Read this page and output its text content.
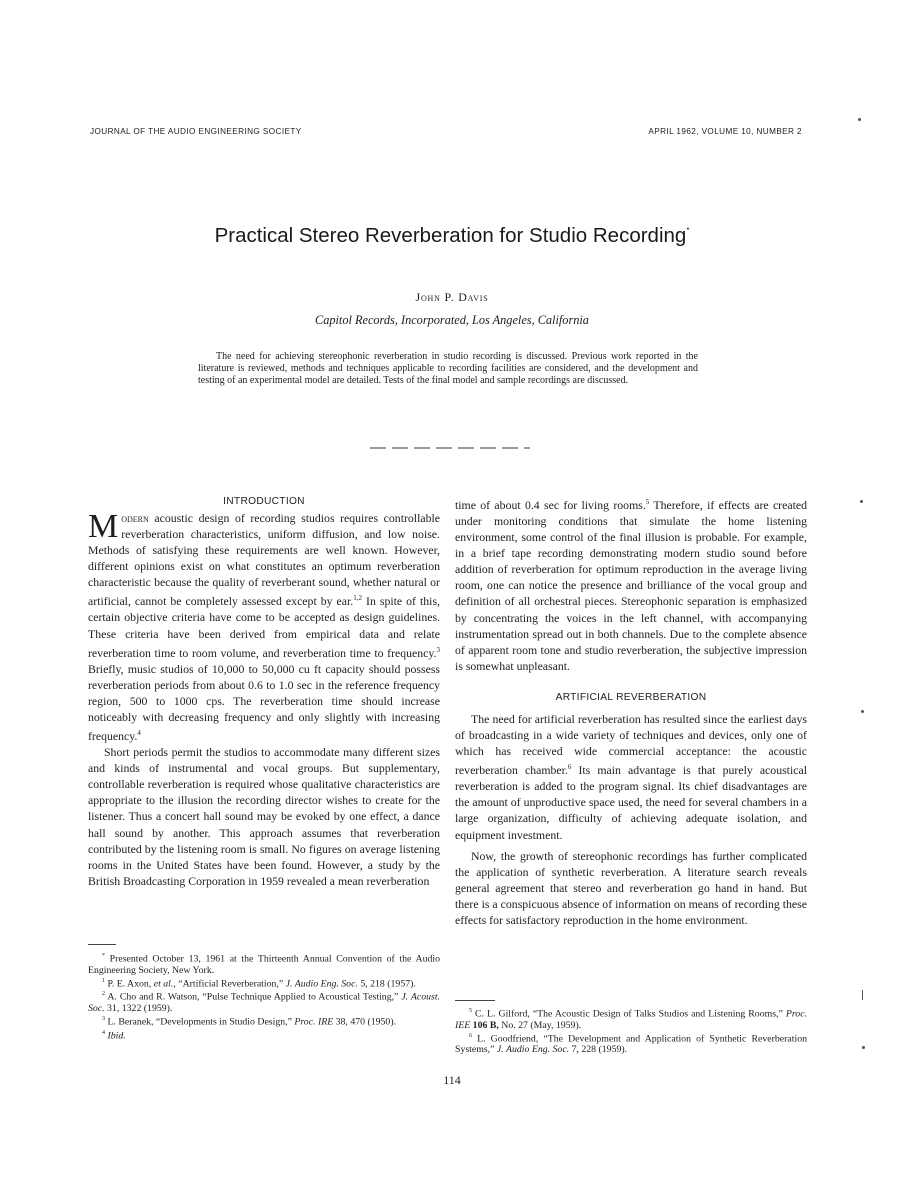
JOURNAL OF THE AUDIO ENGINEERING SOCIETY	APRIL 1962, VOLUME 10, NUMBER 2
Practical Stereo Reverberation for Studio Recording*
John P. Davis
Capitol Records, Incorporated, Los Angeles, California
The need for achieving stereophonic reverberation in studio recording is discussed. Previous work reported in the literature is reviewed, methods and techniques applicable to recording facilities are considered, and the development and testing of an experimental model are detailed. Tests of the final model and sample recordings are discussed.

INTRODUCTION

Modern acoustic design of recording studios requires controllable reverberation characteristics, uniform diffusion, and low noise. Methods of satisfying these requirements are well known. However, different opinions exist on what constitutes an optimum reverberation characteristic because the quality of reverberant sound, whether natural or artificial, cannot be completely assessed except by ear.$^{1,2}$ In spite of this, certain objective criteria have come to be accepted as design guidelines. These criteria have been derived from empirical data and relate reverberation time to room volume, and reverberation time to frequency.$^3$ Briefly, music studios of 10,000 to 50,000 cu ft capacity should possess reverberation periods from about 0.6 to 1.0 sec in the reference frequency region, 500 to 1000 cps. The reverberation time should increase noticeably with decreasing frequency and only slightly with increasing frequency.$^4$

Short periods permit the studios to accommodate many different sizes and kinds of instrumental and vocal groups. But supplementary, controllable reverberation is required whose qualitative characteristics are appropriate to the illusion the recording director wishes to create for the listener. Thus a concert hall sound may be evoked by one effect, a dance hall sound by another. This approach assumes that reverberation contributed by the listening room is small. No figures on average listening rooms in the United States have been found. However, a study by the British Broadcasting Corporation in 1959 revealed a mean reverberation

time of about 0.4 sec for living rooms.$^5$ Therefore, if effects are created under monitoring conditions that simulate the home listening environment, some control of the final illusion is probable. For example, in a brief tape recording demonstrating modern studio sound before addition of reverberation for optimum reproduction in the average living room, one can notice the presence and brilliance of the vocal group and definition of all orchestral pieces. Stereophonic separation is emphasized by concentrating the voices in the left channel, with accompanying instrumentation spread out in both channels. Due to the complete absence of apparent room tone and studio reverberation, the subjective impression is somewhat unpleasant.

ARTIFICIAL REVERBERATION

The need for artificial reverberation has resulted since the earliest days of broadcasting in a wide variety of techniques and devices, only one of which has received wide commercial acceptance: the acoustic reverberation chamber.$^6$ Its main advantage is that purely acoustical reverberation is added to the program signal. Its chief disadvantages are the amount of unproductive space used, the need for several chambers in a large organization, difficulty of achieving adequate isolation, and equipment investment.

Now, the growth of stereophonic recordings has further complicated the application of synthetic reverberation. A literature search reveals general agreement that stereo and reverberation go hand in hand. But there is a conspicuous absence of information on means of recording these effects for satisfactory reproduction in the home environment.

* Presented October 13, 1961 at the Thirteenth Annual Convention of the Audio Engineering Society, New York.

$^1$ P. E. Axon, et al., “Artificial Reverberation,” J. Audio Eng. Soc. 5, 218 (1957).

$^2$ A. Cho and R. Watson, “Pulse Technique Applied to Acoustical Testing,” J. Acoust. Soc. 31, 1322 (1959).

$^3$ L. Beranek, “Developments in Studio Design,” Proc. IRE 38, 470 (1950).

$^4$ Ibid.

$^5$ C. L. Gilford, “The Acoustic Design of Talks Studios and Listening Rooms,” Proc. IEE 106 B, No. 27 (May, 1959).

$^6$ L. Goodfriend, “The Development and Application of Synthetic Reverberation Systems,” J. Audio Eng. Soc. 7, 228 (1959).

114
